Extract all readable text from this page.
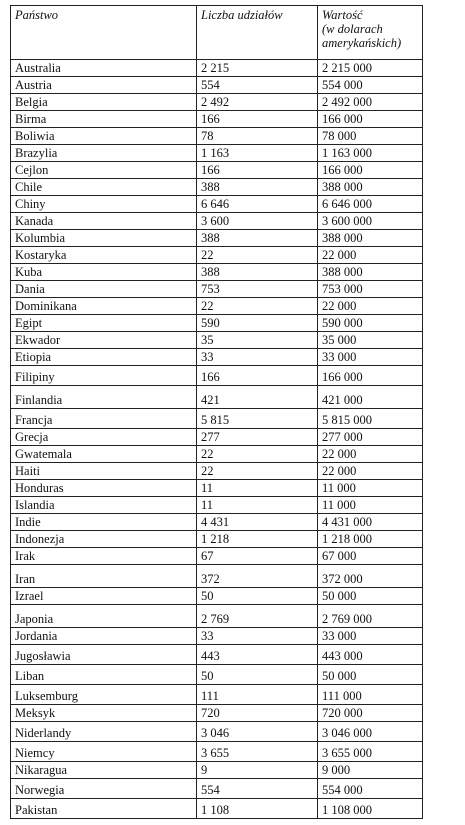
Państwo	Liczba udziałów	Wartość
(w dolarach
amerykańskich)

Australia	2 215	2 215 000
Austria	554	554 000
Belgia	2 492	2 492 000
Birma	166	166 000
Boliwia	78	78 000
Brazylia	1 163	1 163 000
Cejlon	166	166 000
Chile	388	388 000
Chiny	6 646	6 646 000
Kanada	3 600	3 600 000
Kolumbia	388	388 000
Kostaryka	22	22 000
Kuba	388	388 000
Dania	753	753 000
Dominikana	22	22 000
Egipt	590	590 000
Ekwador	35	35 000
Etiopia	33	33 000
Filipiny	166	166 000
Finlandia	421	421 000
Francja	5 815	5 815 000
Grecja	277	277 000
Gwatemala	22	22 000
Haiti	22	22 000
Honduras	11	11 000
Islandia	11	11 000
Indie	4 431	4 431 000
Indonezja	1 218	1 218 000
Irak	67	67 000
Iran	372	372 000
Izrael	50	50 000
Japonia	2 769	2 769 000
Jordania	33	33 000
Jugosławia	443	443 000
Liban	50	50 000
Luksemburg	111	111 000
Meksyk	720	720 000
Niderlandy	3 046	3 046 000
Niemcy	3 655	3 655 000
Nikaragua	9	9 000
Norwegia	554	554 000
Pakistan	1 108	1 108 000
